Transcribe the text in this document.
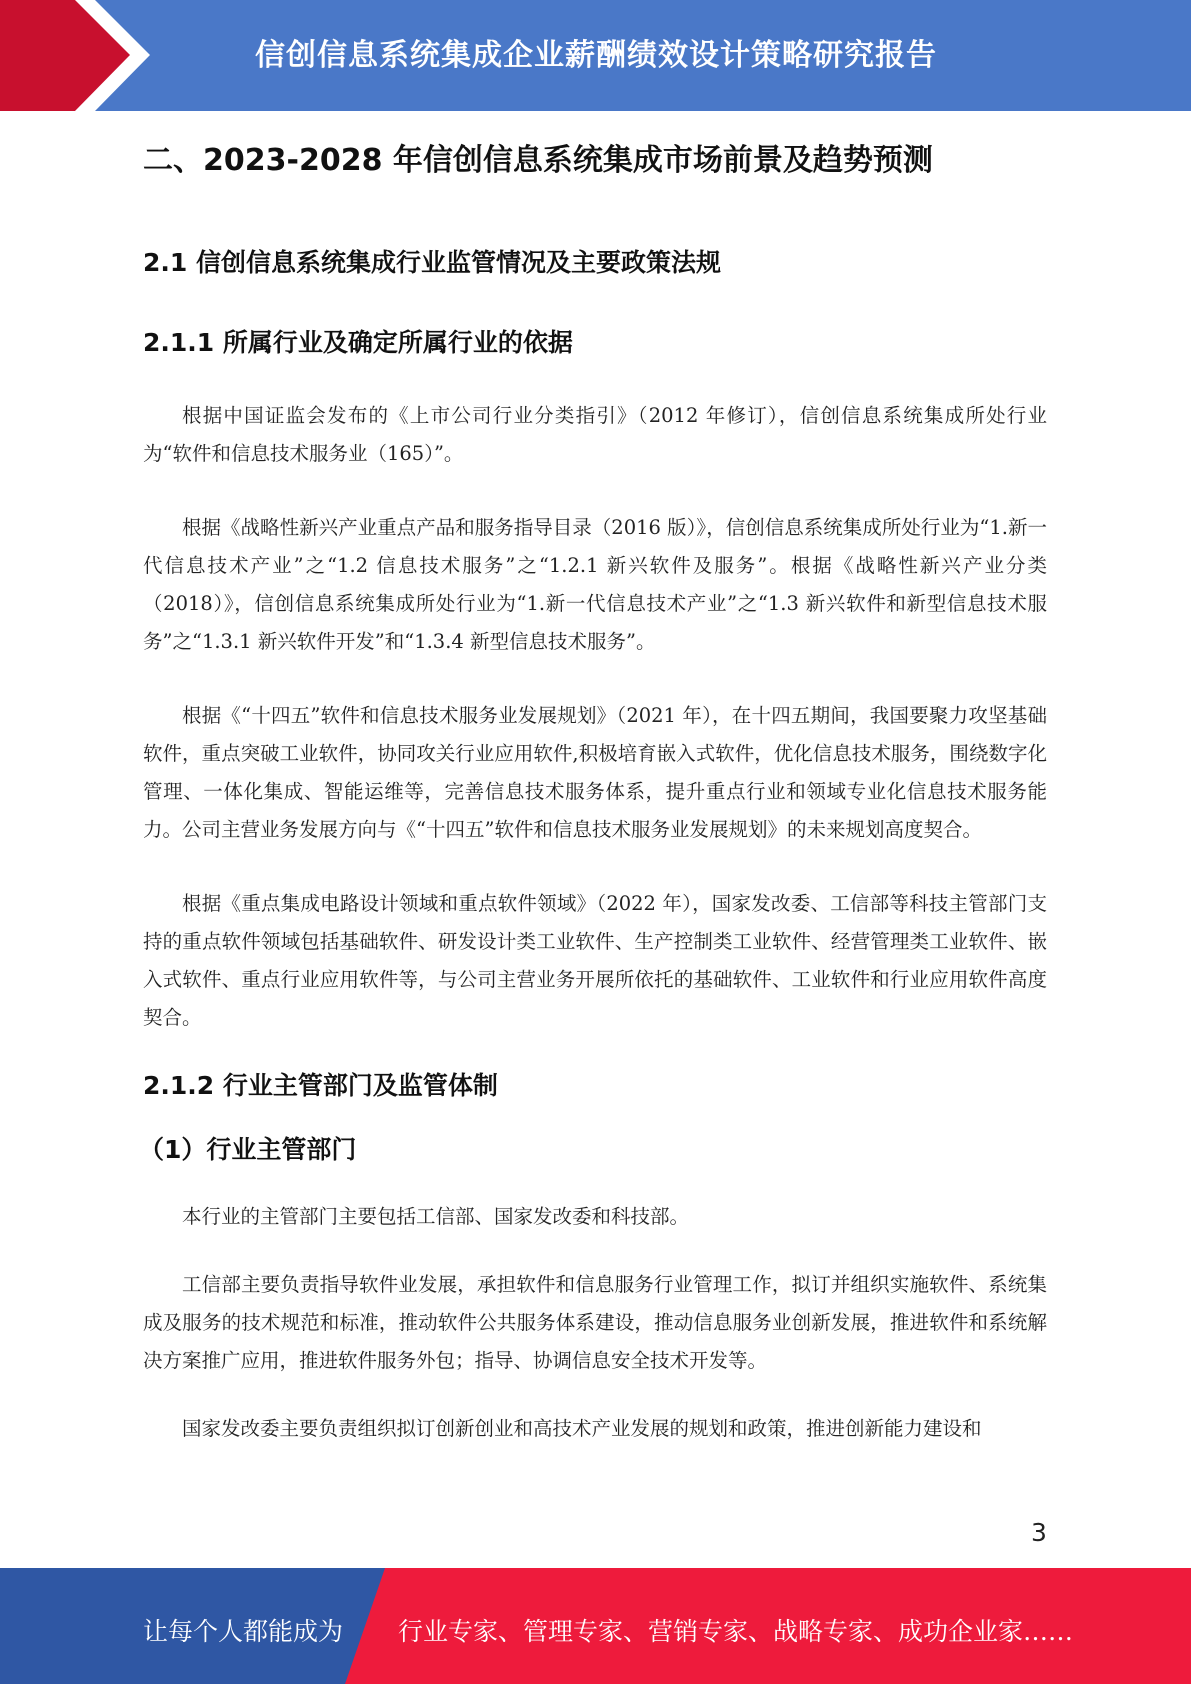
信创信息系统集成企业薪酬绩效设计策略研究报告
二、2023-2028 年信创信息系统集成市场前景及趋势预测
2.1 信创信息系统集成行业监管情况及主要政策法规
2.1.1 所属行业及确定所属行业的依据

根据中国证监会发布的《上市公司行业分类指引》（2012 年修订），信创信息系统集成所处行业为“软件和信息技术服务业（165）”。

根据《战略性新兴产业重点产品和服务指导目录（2016 版）》，信创信息系统集成所处行业为“1.新一代信息技术产业”之“1.2 信息技术服务”之“1.2.1 新兴软件及服务”。根据《战略性新兴产业分类（2018）》，信创信息系统集成所处行业为“1.新一代信息技术产业”之“1.3 新兴软件和新型信息技术服务”之“1.3.1 新兴软件开发”和“1.3.4 新型信息技术服务”。

根据《“十四五”软件和信息技术服务业发展规划》（2021 年），在十四五期间，我国要聚力攻坚基础软件，重点突破工业软件，协同攻关行业应用软件,积极培育嵌入式软件，优化信息技术服务，围绕数字化管理、一体化集成、智能运维等，完善信息技术服务体系，提升重点行业和领域专业化信息技术服务能力。公司主营业务发展方向与《“十四五”软件和信息技术服务业发展规划》的未来规划高度契合。

根据《重点集成电路设计领域和重点软件领域》（2022 年），国家发改委、工信部等科技主管部门支持的重点软件领域包括基础软件、研发设计类工业软件、生产控制类工业软件、经营管理类工业软件、嵌入式软件、重点行业应用软件等，与公司主营业务开展所依托的基础软件、工业软件和行业应用软件高度契合。

2.1.2 行业主管部门及监管体制
（1）行业主管部门

本行业的主管部门主要包括工信部、国家发改委和科技部。

工信部主要负责指导软件业发展，承担软件和信息服务行业管理工作，拟订并组织实施软件、系统集成及服务的技术规范和标准，推动软件公共服务体系建设，推动信息服务业创新发展，推进软件和系统解决方案推广应用，推进软件服务外包；指导、协调信息安全技术开发等。

国家发改委主要负责组织拟订创新创业和高技术产业发展的规划和政策，推进创新能力建设和

3
让每个人都能成为 行业专家、管理专家、营销专家、战略专家、成功企业家……
